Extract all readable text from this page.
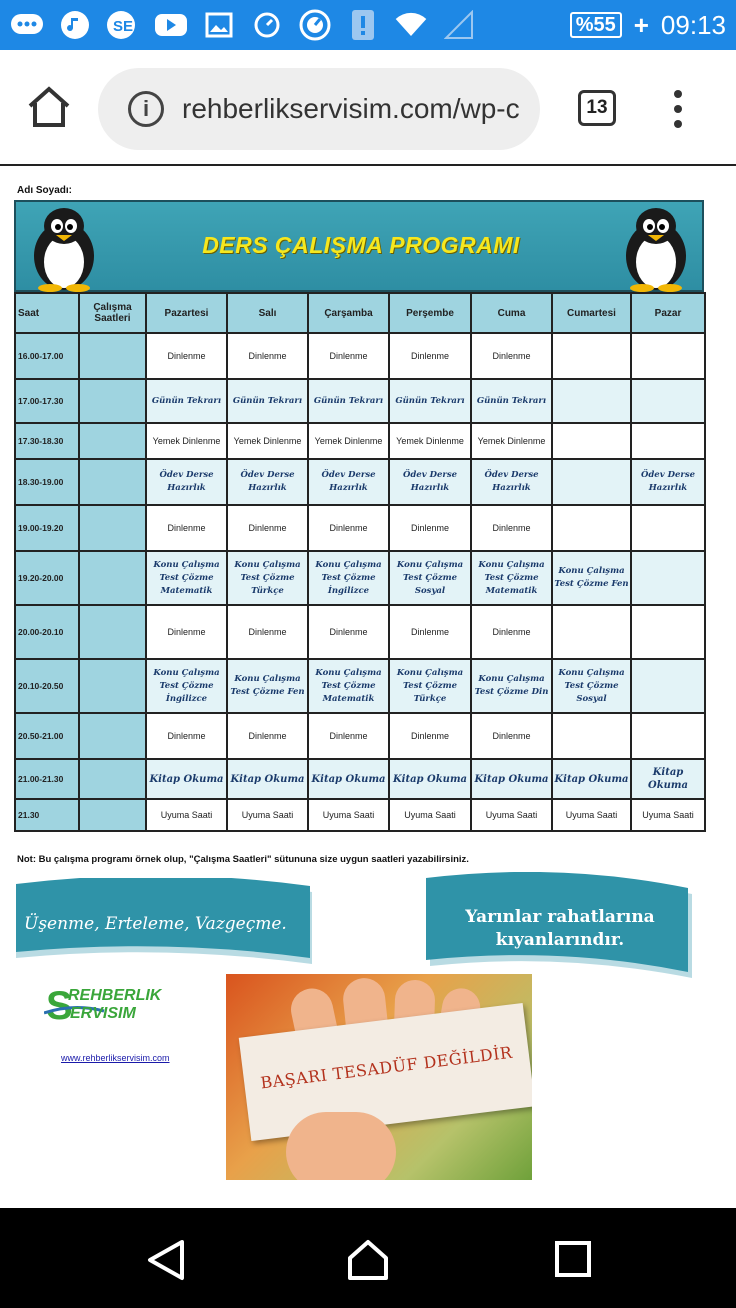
SE	%55 + 09:13
i	rehberlikservisim.com/wp-c	13
Adı Soyadı:
DERS ÇALIŞMA PROGRAMI
Saat	Çalışma Saatleri	Pazartesi	Salı	Çarşamba	Perşembe	Cuma	Cumartesi	Pazar
16.00-17.00		Dinlenme	Dinlenme	Dinlenme	Dinlenme	Dinlenme		
17.00-17.30		Günün Tekrarı	Günün Tekrarı	Günün Tekrarı	Günün Tekrarı	Günün Tekrarı		
17.30-18.30		Yemek Dinlenme	Yemek Dinlenme	Yemek Dinlenme	Yemek Dinlenme	Yemek Dinlenme		
18.30-19.00		Ödev Derse Hazırlık	Ödev Derse Hazırlık	Ödev Derse Hazırlık	Ödev Derse Hazırlık	Ödev Derse Hazırlık		Ödev Derse Hazırlık
19.00-19.20		Dinlenme	Dinlenme	Dinlenme	Dinlenme	Dinlenme		
19.20-20.00		Konu Çalışma Test Çözme Matematik	Konu Çalışma Test Çözme Türkçe	Konu Çalışma Test Çözme İngilizce	Konu Çalışma Test Çözme Sosyal	Konu Çalışma Test Çözme Matematik	Konu Çalışma Test Çözme Fen	
20.00-20.10		Dinlenme	Dinlenme	Dinlenme	Dinlenme	Dinlenme		
20.10-20.50		Konu Çalışma Test Çözme İngilizce	Konu Çalışma Test Çözme Fen	Konu Çalışma Test Çözme Matematik	Konu Çalışma Test Çözme Türkçe	Konu Çalışma Test Çözme Din	Konu Çalışma Test Çözme Sosyal	
20.50-21.00		Dinlenme	Dinlenme	Dinlenme	Dinlenme	Dinlenme		
21.00-21.30		Kitap Okuma	Kitap Okuma	Kitap Okuma	Kitap Okuma	Kitap Okuma	Kitap Okuma	Kitap Okuma
21.30		Uyuma Saati	Uyuma Saati	Uyuma Saati	Uyuma Saati	Uyuma Saati	Uyuma Saati	Uyuma Saati
Not: Bu çalışma programı örnek olup, "Çalışma Saatleri" sütununa size uygun saatleri yazabilirsiniz.
Üşenme, Erteleme, Vazgeçme.	Yarınlar rahatlarına
kıyanlarındır.
S
REHBERLIK
ERVISIM
www.rehberlikservisim.com	BAŞARI TESADÜF DEĞİLDİR
